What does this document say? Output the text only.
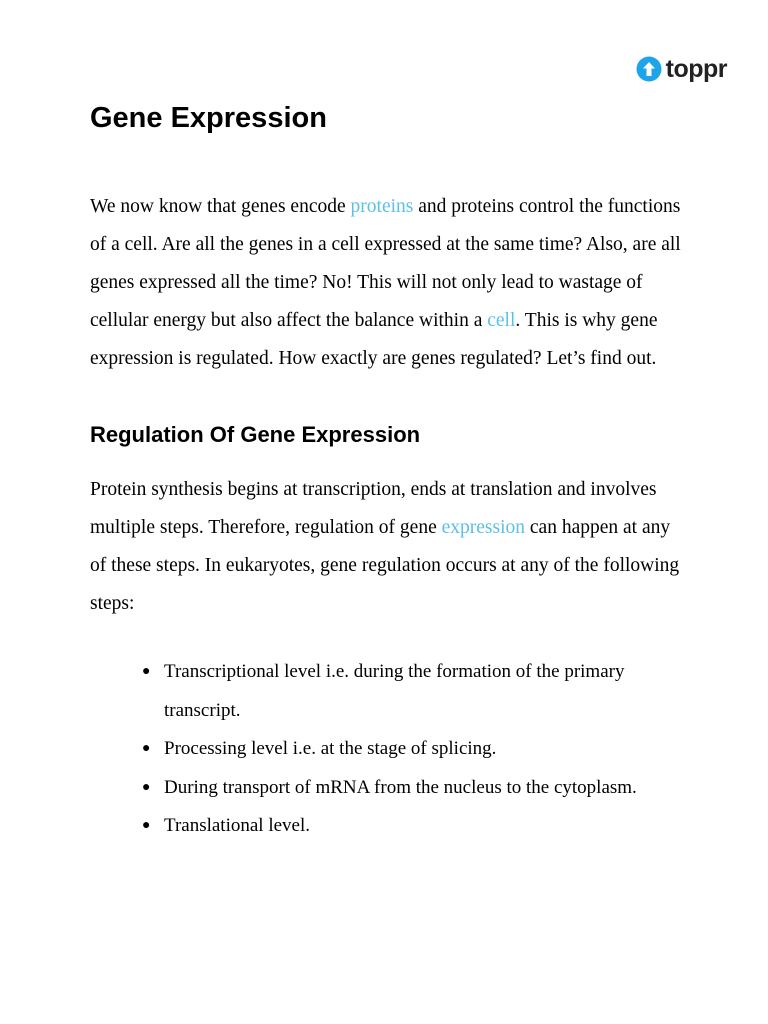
toppr
Gene Expression

We now know that genes encode proteins and proteins control the functions of a cell. Are all the genes in a cell expressed at the same time? Also, are all genes expressed all the time? No! This will not only lead to wastage of cellular energy but also affect the balance within a cell. This is why gene expression is regulated. How exactly are genes regulated? Let’s find out.

Regulation Of Gene Expression

Protein synthesis begins at transcription, ends at translation and involves multiple steps. Therefore, regulation of gene expression can happen at any of these steps. In eukaryotes, gene regulation occurs at any of the following steps:

● Transcriptional level i.e. during the formation of the primary transcript.
● Processing level i.e. at the stage of splicing.
● During transport of mRNA from the nucleus to the cytoplasm.
● Translational level.
